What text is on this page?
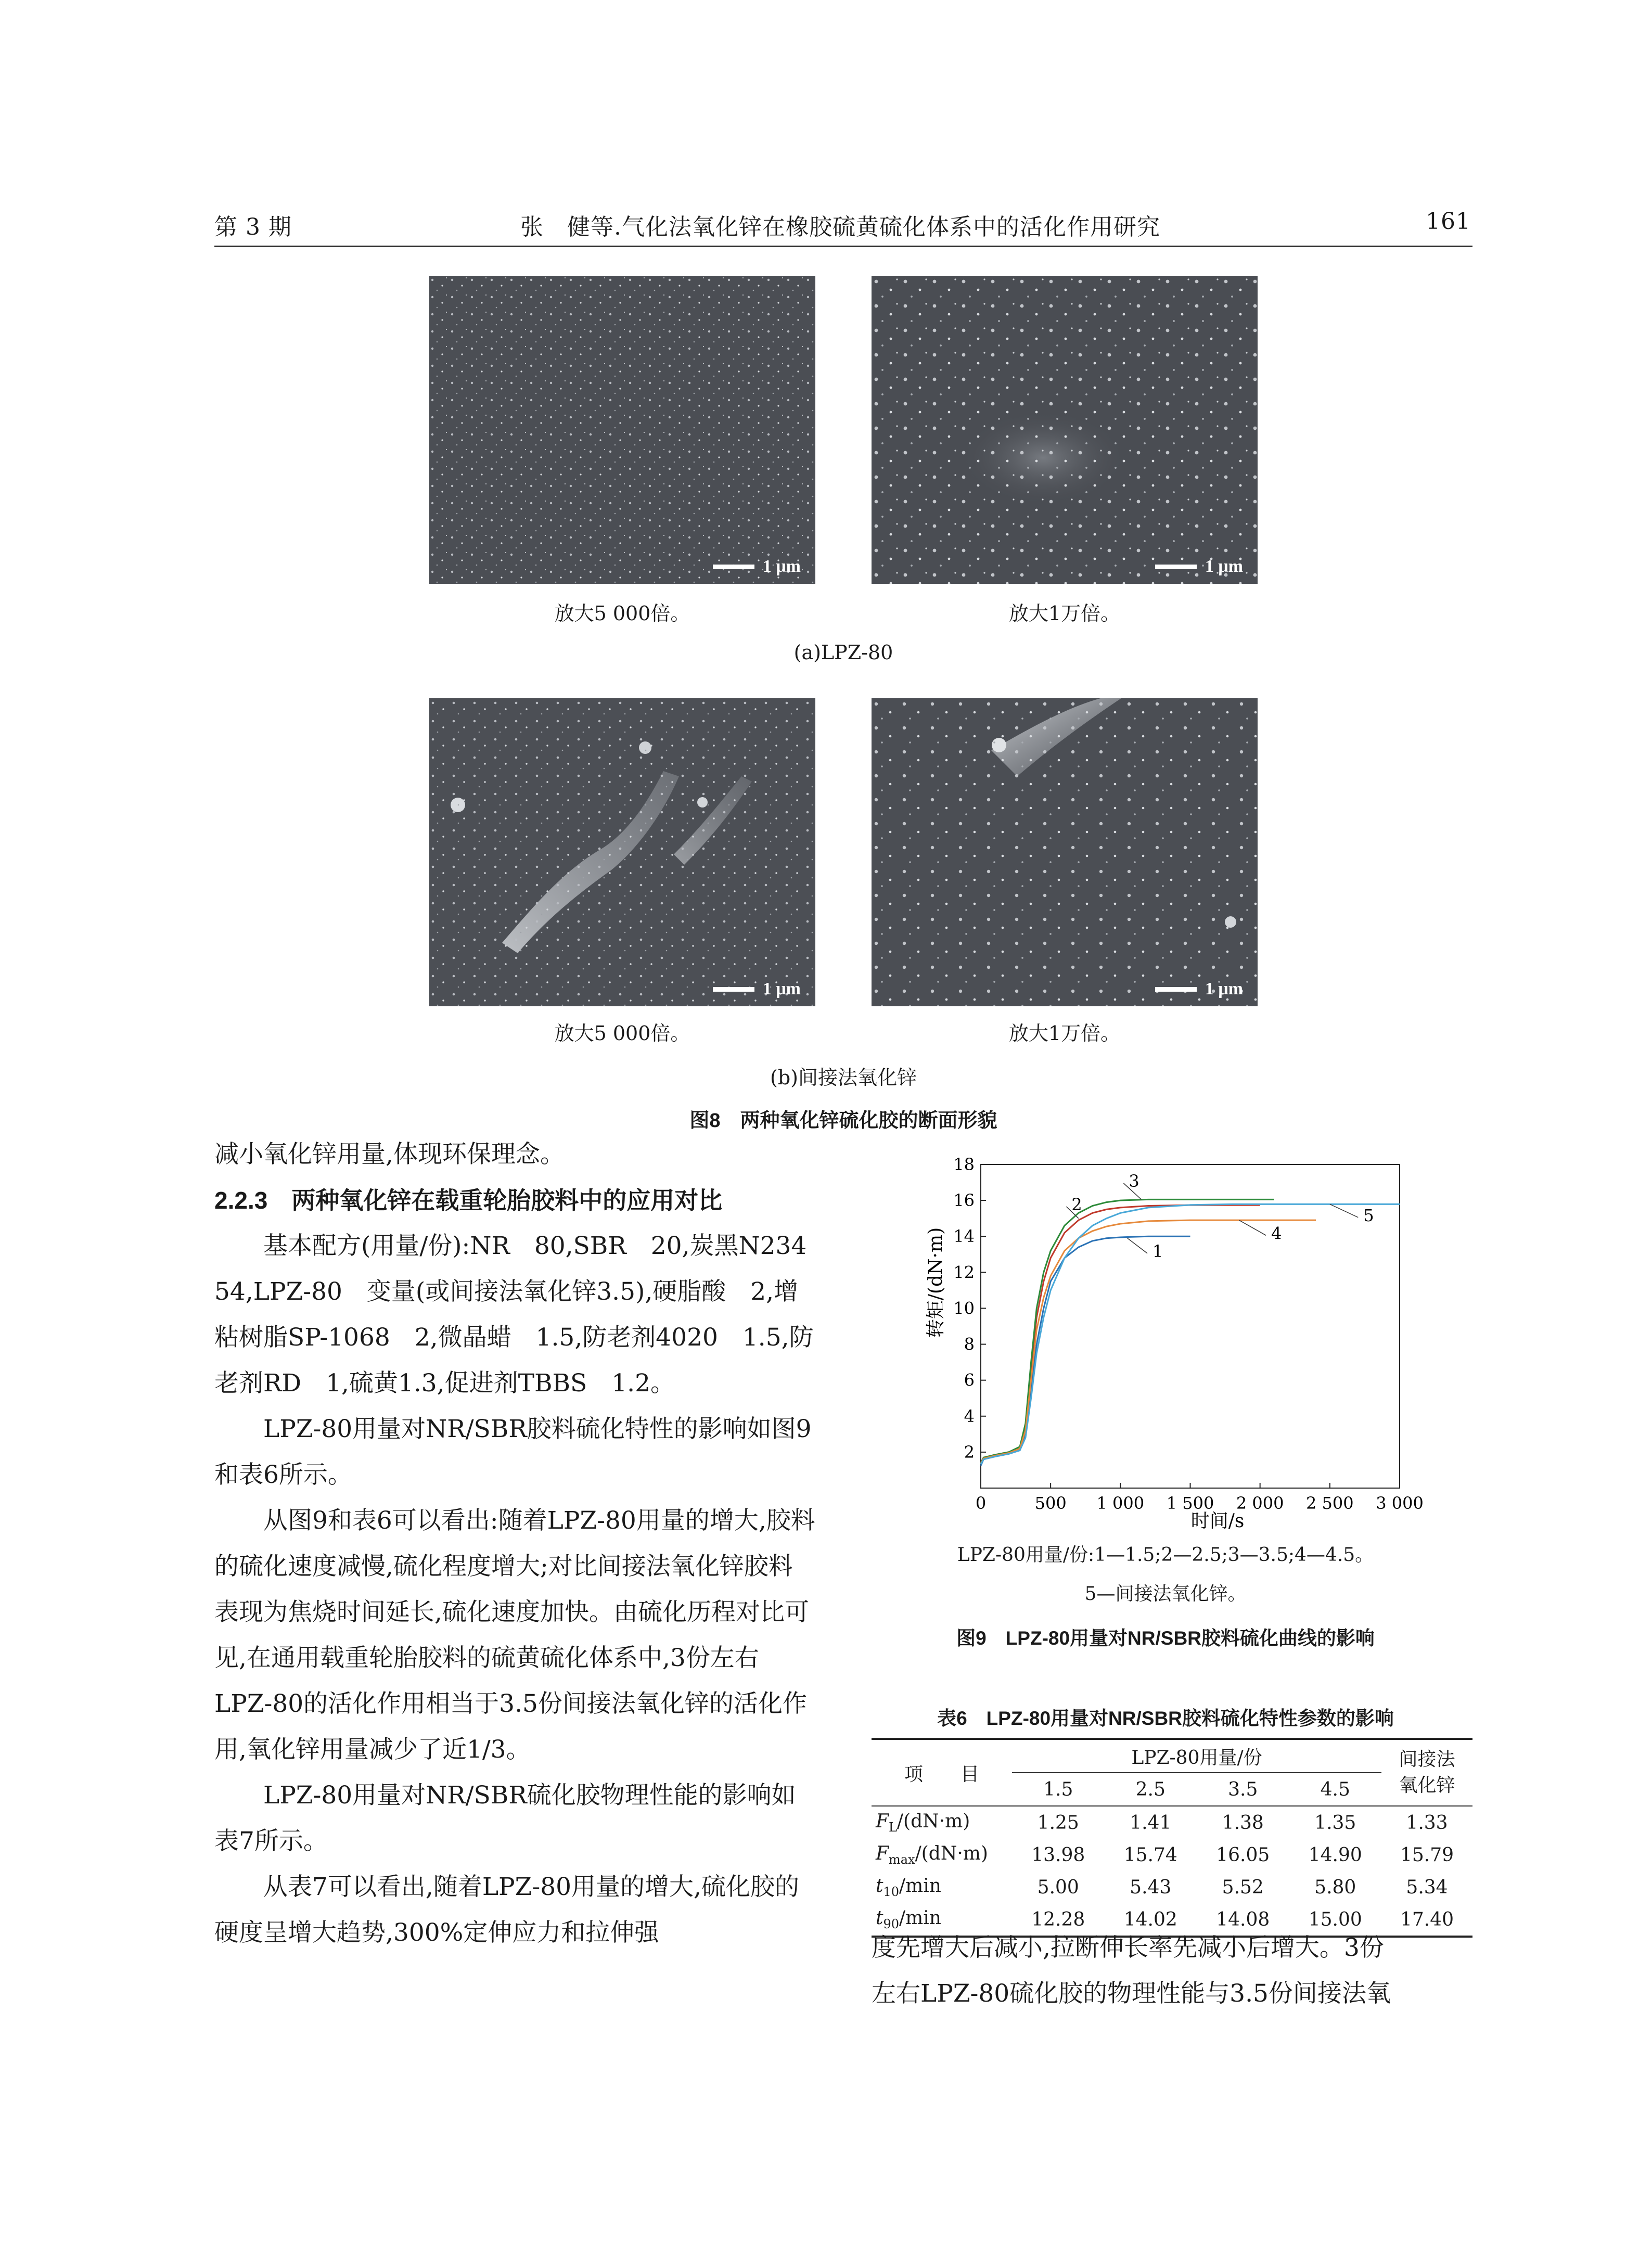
第 3 期	张　健等.气化法氧化锌在橡胶硫黄硫化体系中的活化作用研究	161
1 μm	1 μm
放大5 000倍。	放大1万倍。
(a)LPZ-80
1 μm	1 μm
放大5 000倍。	放大1万倍。
(b)间接法氧化锌
图8　两种氧化锌硫化胶的断面形貌

减小氧化锌用量,体现环保理念。

2.2.3　两种氧化锌在载重轮胎胶料中的应用对比

基本配方(用量/份):NR　80,SBR　20,炭黑N234　54,LPZ-80　变量(或间接法氧化锌3.5),硬脂酸　2,增粘树脂SP-1068　2,微晶蜡　1.5,防老剂4020　1.5,防老剂RD　1,硫黄1.3,促进剂TBBS　1.2。

LPZ-80用量对NR/SBR胶料硫化特性的影响如图9和表6所示。

从图9和表6可以看出:随着LPZ-80用量的增大,胶料的硫化速度减慢,硫化程度增大;对比间接法氧化锌胶料表现为焦烧时间延长,硫化速度加快。由硫化历程对比可见,在通用载重轮胎胶料的硫黄硫化体系中,3份左右LPZ-80的活化作用相当于3.5份间接法氧化锌的活化作用,氧化锌用量减少了近1/3。

LPZ-80用量对NR/SBR硫化胶物理性能的影响如表7所示。

从表7可以看出,随着LPZ-80用量的增大,硫化胶的硬度呈增大趋势,300%定伸应力和拉伸强

0	500 1 000 1 500 2 000 2 500 3 000
2
4
6
8
10
12
14
16
18
1
2
3
4
5
转矩/(dN·m)
时间/s
LPZ-80用量/份:1—1.5;2—2.5;3—3.5;4—4.5。
5—间接法氧化锌。
图9　LPZ-80用量对NR/SBR胶料硫化曲线的影响
表6　LPZ-80用量对NR/SBR胶料硫化特性参数的影响
项　　目	LPZ-80用量/份				间接法
氧化锌
	1.5	2.5	3.5	4.5	
$F_L/(dN\cdot m)$	1.25	1.41	1.38	1.35	1.33
$F_{max}/(dN\cdot m)$	13.98	15.74	16.05	14.90	15.79
$t_{10}/\min$	5.00	5.43	5.52	5.80	5.34
$t_{90}/\min$	12.28	14.02	14.08	15.00	17.40

度先增大后减小,拉断伸长率先减小后增大。3份

左右LPZ-80硫化胶的物理性能与3.5份间接法氧
